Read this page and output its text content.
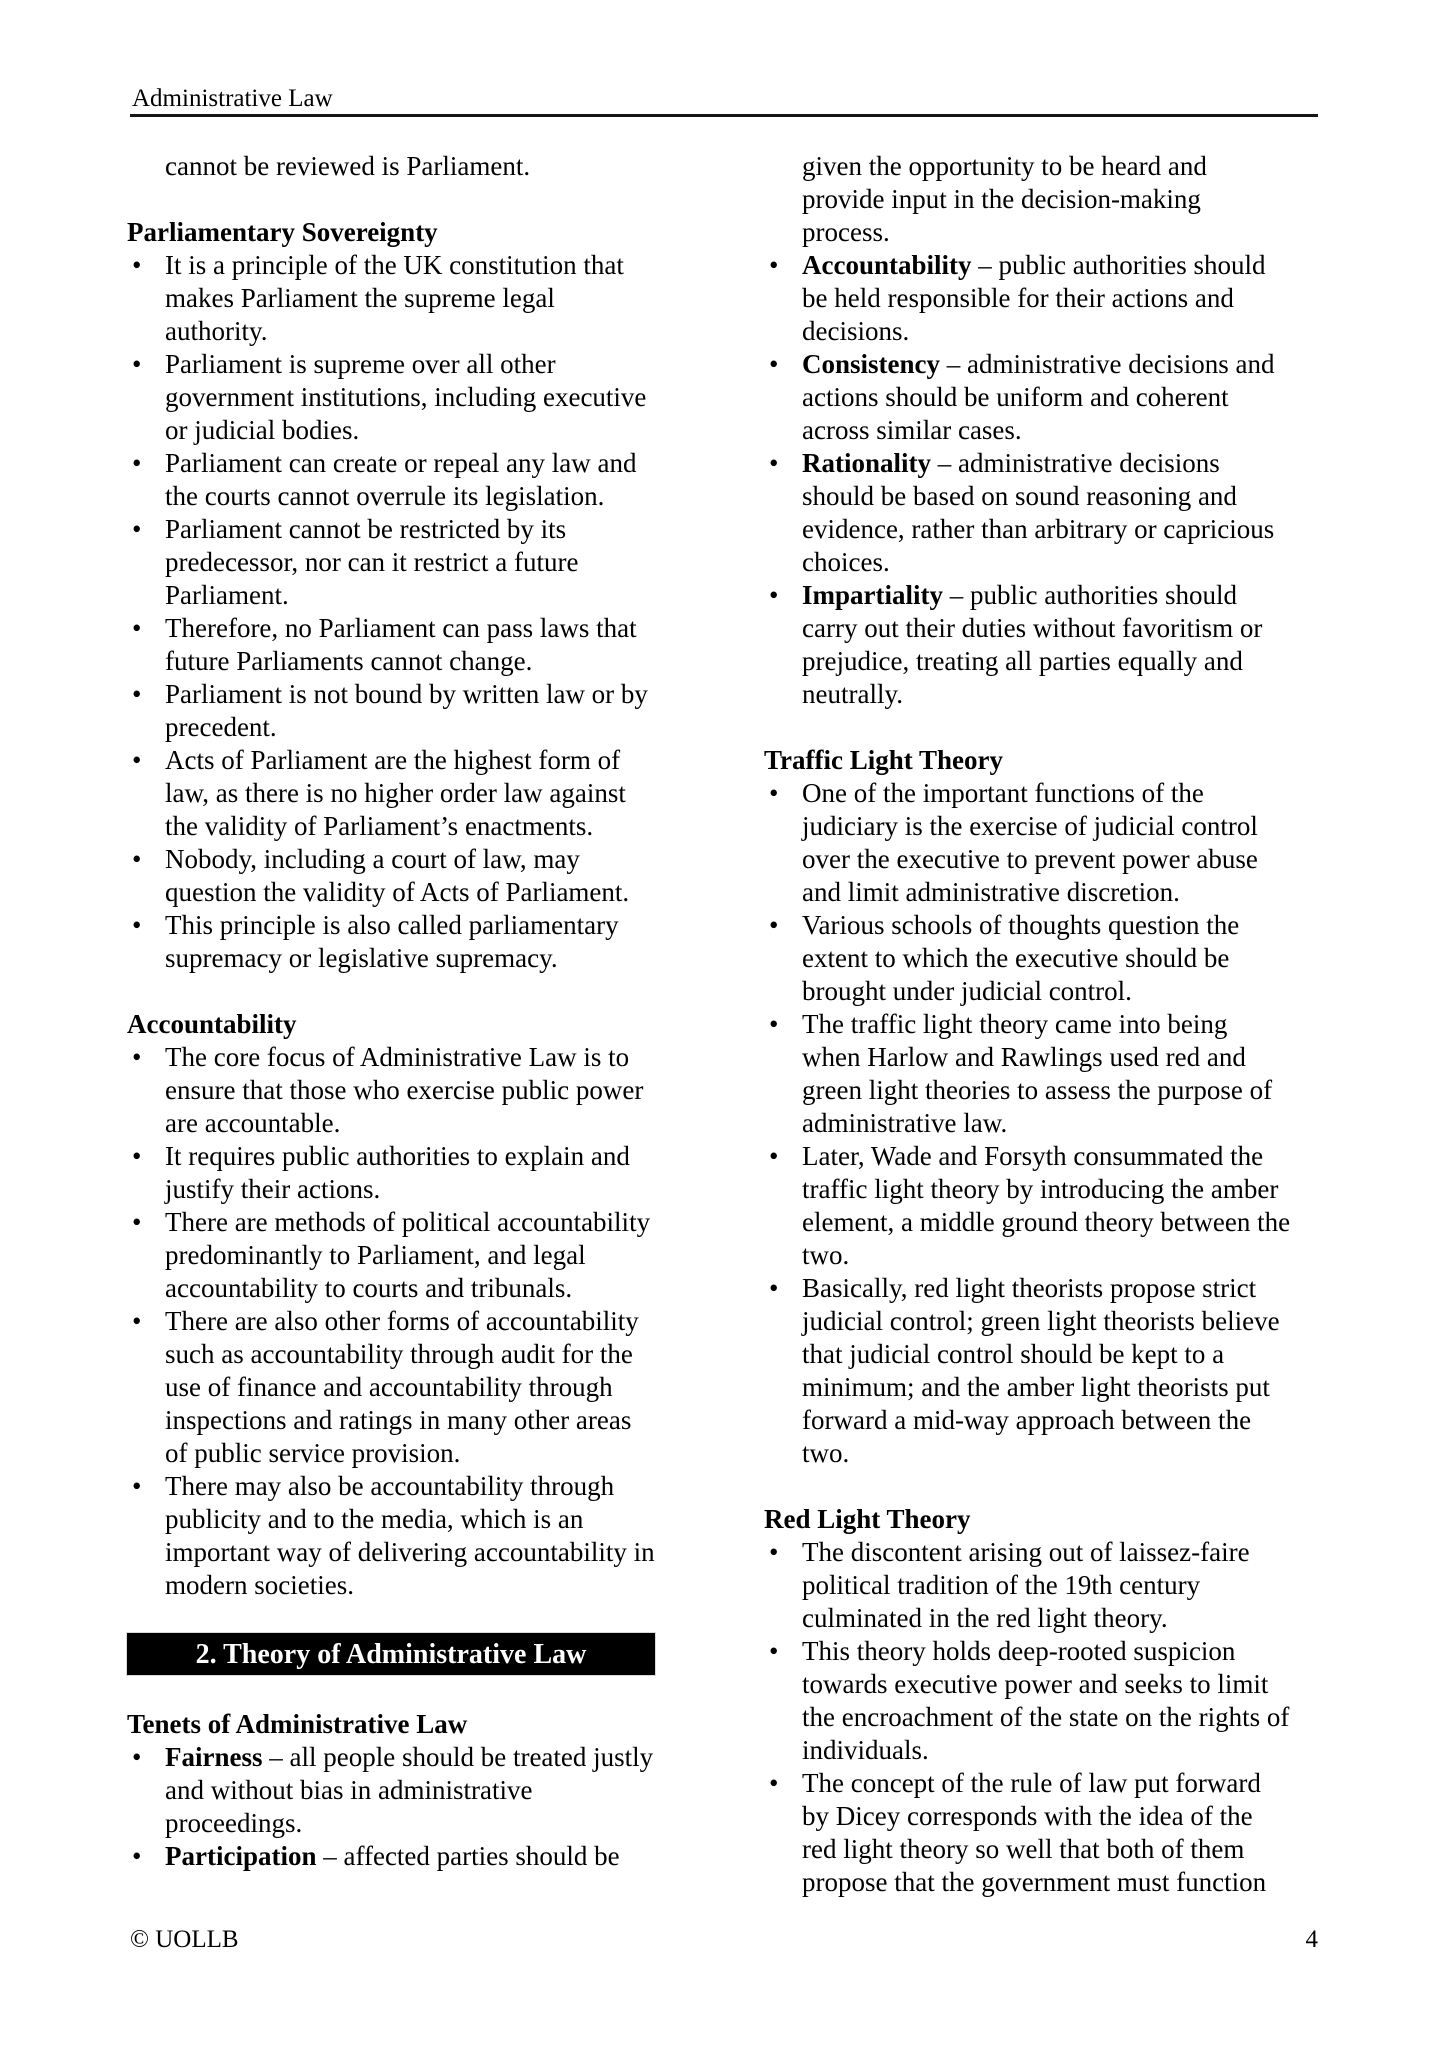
Administrative Law

cannot be reviewed is Parliament.

Parliamentary Sovereignty
• It is a principle of the UK constitution that makes Parliament the supreme legal authority.
• Parliament is supreme over all other government institutions, including executive or judicial bodies.
• Parliament can create or repeal any law and the courts cannot overrule its legislation.
• Parliament cannot be restricted by its predecessor, nor can it restrict a future Parliament.
• Therefore, no Parliament can pass laws that future Parliaments cannot change.
• Parliament is not bound by written law or by precedent.
• Acts of Parliament are the highest form of law, as there is no higher order law against the validity of Parliament’s enactments.
• Nobody, including a court of law, may question the validity of Acts of Parliament.
• This principle is also called parliamentary supremacy or legislative supremacy.
Accountability
• The core focus of Administrative Law is to ensure that those who exercise public power are accountable.
• It requires public authorities to explain and justify their actions.
• There are methods of political accountability predominantly to Parliament, and legal accountability to courts and tribunals.
• There are also other forms of accountability such as accountability through audit for the use of finance and accountability through inspections and ratings in many other areas of public service provision.
• There may also be accountability through publicity and to the media, which is an important way of delivering accountability in modern societies.
2. Theory of Administrative Law
Tenets of Administrative Law
• Fairness – all people should be treated justly and without bias in administrative proceedings.
• Participation – affected parties should be

given the opportunity to be heard and provide input in the decision-making process.

• Accountability – public authorities should be held responsible for their actions and decisions.
• Consistency – administrative decisions and actions should be uniform and coherent across similar cases.
• Rationality – administrative decisions should be based on sound reasoning and evidence, rather than arbitrary or capricious choices.
• Impartiality – public authorities should carry out their duties without favoritism or prejudice, treating all parties equally and neutrally.
Traffic Light Theory
• One of the important functions of the judiciary is the exercise of judicial control over the executive to prevent power abuse and limit administrative discretion.
• Various schools of thoughts question the extent to which the executive should be brought under judicial control.
• The traffic light theory came into being when Harlow and Rawlings used red and green light theories to assess the purpose of administrative law.
• Later, Wade and Forsyth consummated the traffic light theory by introducing the amber element, a middle ground theory between the two.
• Basically, red light theorists propose strict judicial control; green light theorists believe that judicial control should be kept to a minimum; and the amber light theorists put forward a mid-way approach between the two.
Red Light Theory
• The discontent arising out of laissez-faire political tradition of the 19th century culminated in the red light theory.
• This theory holds deep-rooted suspicion towards executive power and seeks to limit the encroachment of the state on the rights of individuals.
• The concept of the rule of law put forward by Dicey corresponds with the idea of the red light theory so well that both of them propose that the government must function
© UOLLB	4
